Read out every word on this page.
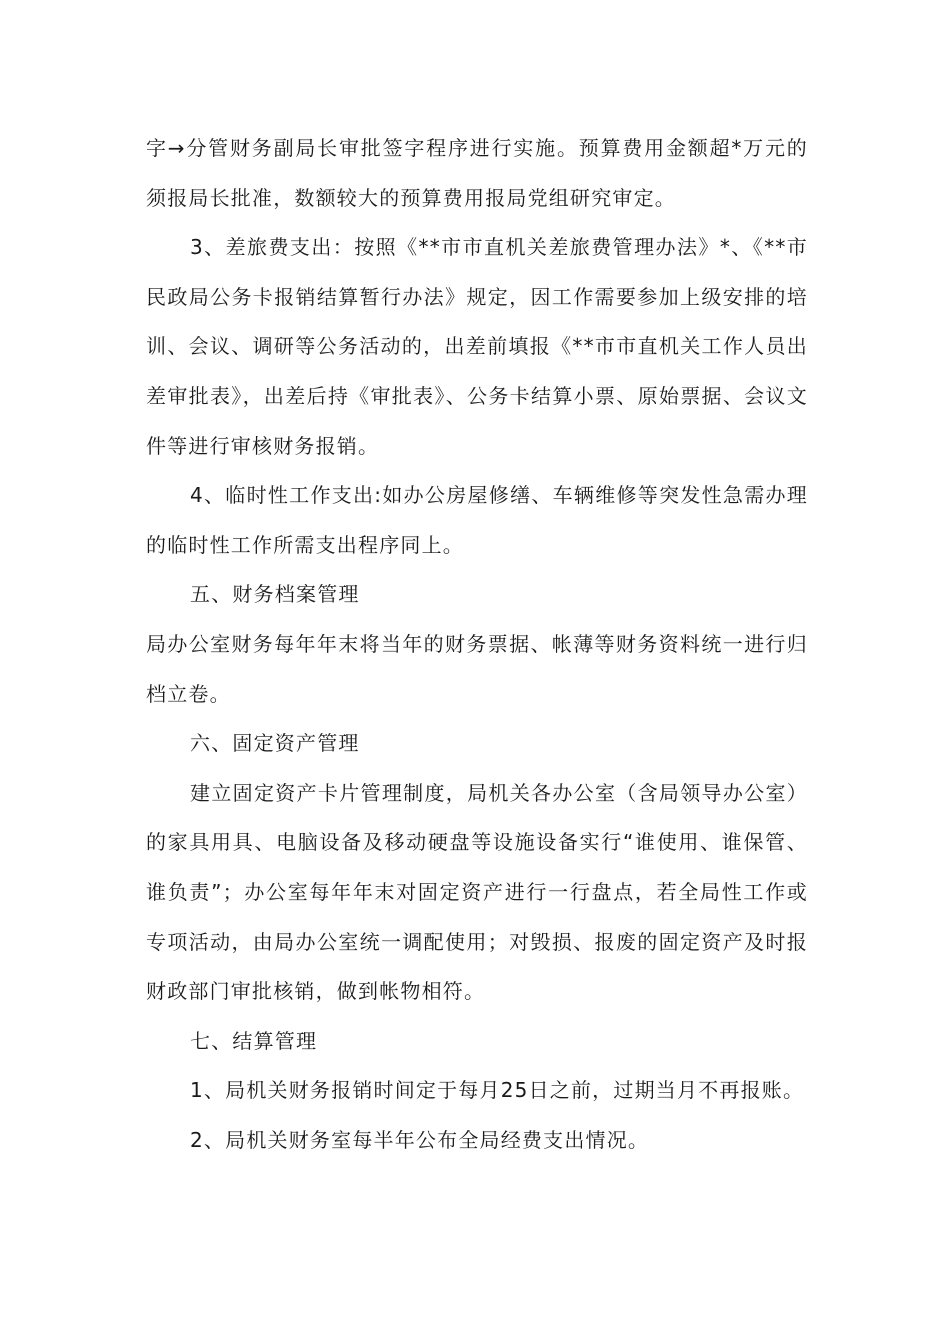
字→分管财务副局长审批签字程序进行实施。预算费用金额超*万元的须报局长批准，数额较大的预算费用报局党组研究审定。

3、差旅费支出：按照《**市市直机关差旅费管理办法》*、《**市民政局公务卡报销结算暂行办法》规定，因工作需要参加上级安排的培训、会议、调研等公务活动的，出差前填报《**市市直机关工作人员出差审批表》，出差后持《审批表》、公务卡结算小票、原始票据、会议文件等进行审核财务报销。

4、临时性工作支出:如办公房屋修缮、车辆维修等突发性急需办理的临时性工作所需支出程序同上。

五、财务档案管理

局办公室财务每年年末将当年的财务票据、帐薄等财务资料统一进行归档立卷。

六、固定资产管理

建立固定资产卡片管理制度，局机关各办公室（含局领导办公室）的家具用具、电脑设备及移动硬盘等设施设备实行“谁使用、谁保管、谁负责”；办公室每年年末对固定资产进行一行盘点，若全局性工作或专项活动，由局办公室统一调配使用；对毁损、报废的固定资产及时报财政部门审批核销，做到帐物相符。

七、结算管理

1、局机关财务报销时间定于每月25日之前，过期当月不再报账。

2、局机关财务室每半年公布全局经费支出情况。
